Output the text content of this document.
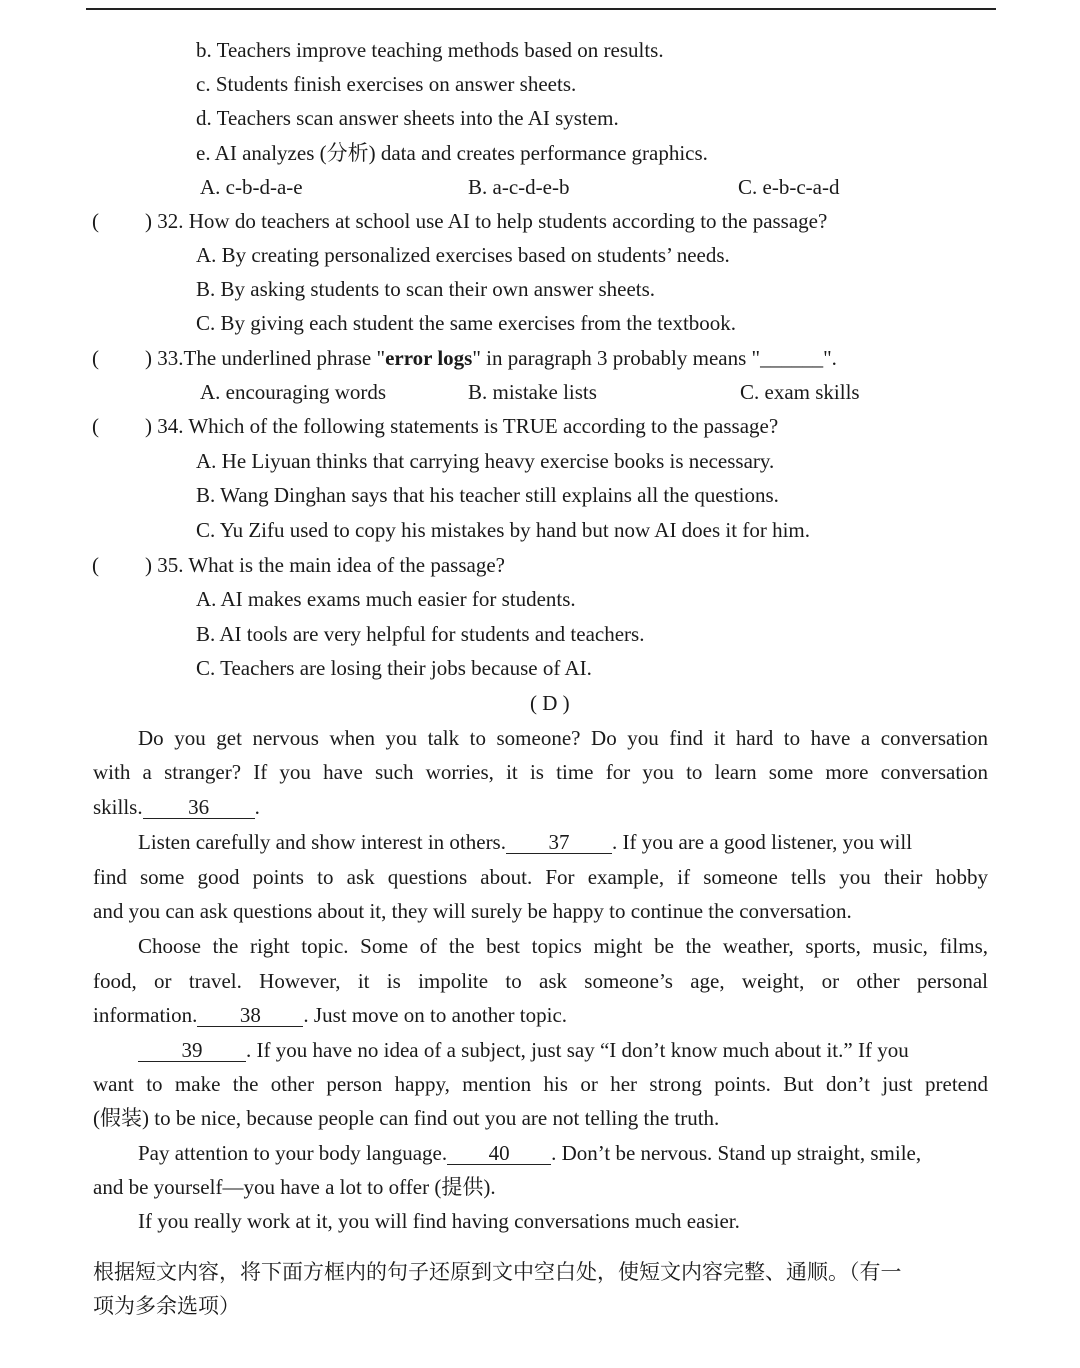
b. Teachers improve teaching methods based on results.
c. Students finish exercises on answer sheets.
d. Teachers scan answer sheets into the AI system.
e. AI analyzes (分析) data and creates performance graphics.
A. c-b-d-a-e	B. a-c-d-e-b	C. e-b-c-a-d
( ) 32. How do teachers at school use AI to help students according to the passage?
A. By creating personalized exercises based on students’ needs.
B. By asking students to scan their own answer sheets.
C. By giving each student the same exercises from the textbook.
( ) 33.The underlined phrase "error logs" in paragraph 3 probably means "______".
A. encouraging words	B. mistake lists	C. exam skills
( ) 34. Which of the following statements is TRUE according to the passage?
A. He Liyuan thinks that carrying heavy exercise books is necessary.
B. Wang Dinghan says that his teacher still explains all the questions.
C. Yu Zifu used to copy his mistakes by hand but now AI does it for him.
( ) 35. What is the main idea of the passage?
A. AI makes exams much easier for students.
B. AI tools are very helpful for students and teachers.
C. Teachers are losing their jobs because of AI.
( D )
Do you get nervous when you talk to someone? Do you find it hard to have a conversation
with a stranger? If you have such worries, it is time for you to learn some more conversation
skills. 36 .
Listen carefully and show interest in others. 37 . If you are a good listener, you will
find some good points to ask questions about. For example, if someone tells you their hobby
and you can ask questions about it, they will surely be happy to continue the conversation.
Choose the right topic. Some of the best topics might be the weather, sports, music, films,
food, or travel. However, it is impolite to ask someone’s age, weight, or other personal
information. 38 . Just move on to another topic.
39 . If you have no idea of a subject, just say “I don’t know much about it.” If you
want to make the other person happy, mention his or her strong points. But don’t just pretend
(假装) to be nice, because people can find out you are not telling the truth.
Pay attention to your body language. 40 . Don’t be nervous. Stand up straight, smile,
and be yourself—you have a lot to offer (提供).
If you really work at it, you will find having conversations much easier.
根据短文内容，将下面方框内的句子还原到文中空白处，使短文内容完整、通顺。（有一
项为多余选项）
